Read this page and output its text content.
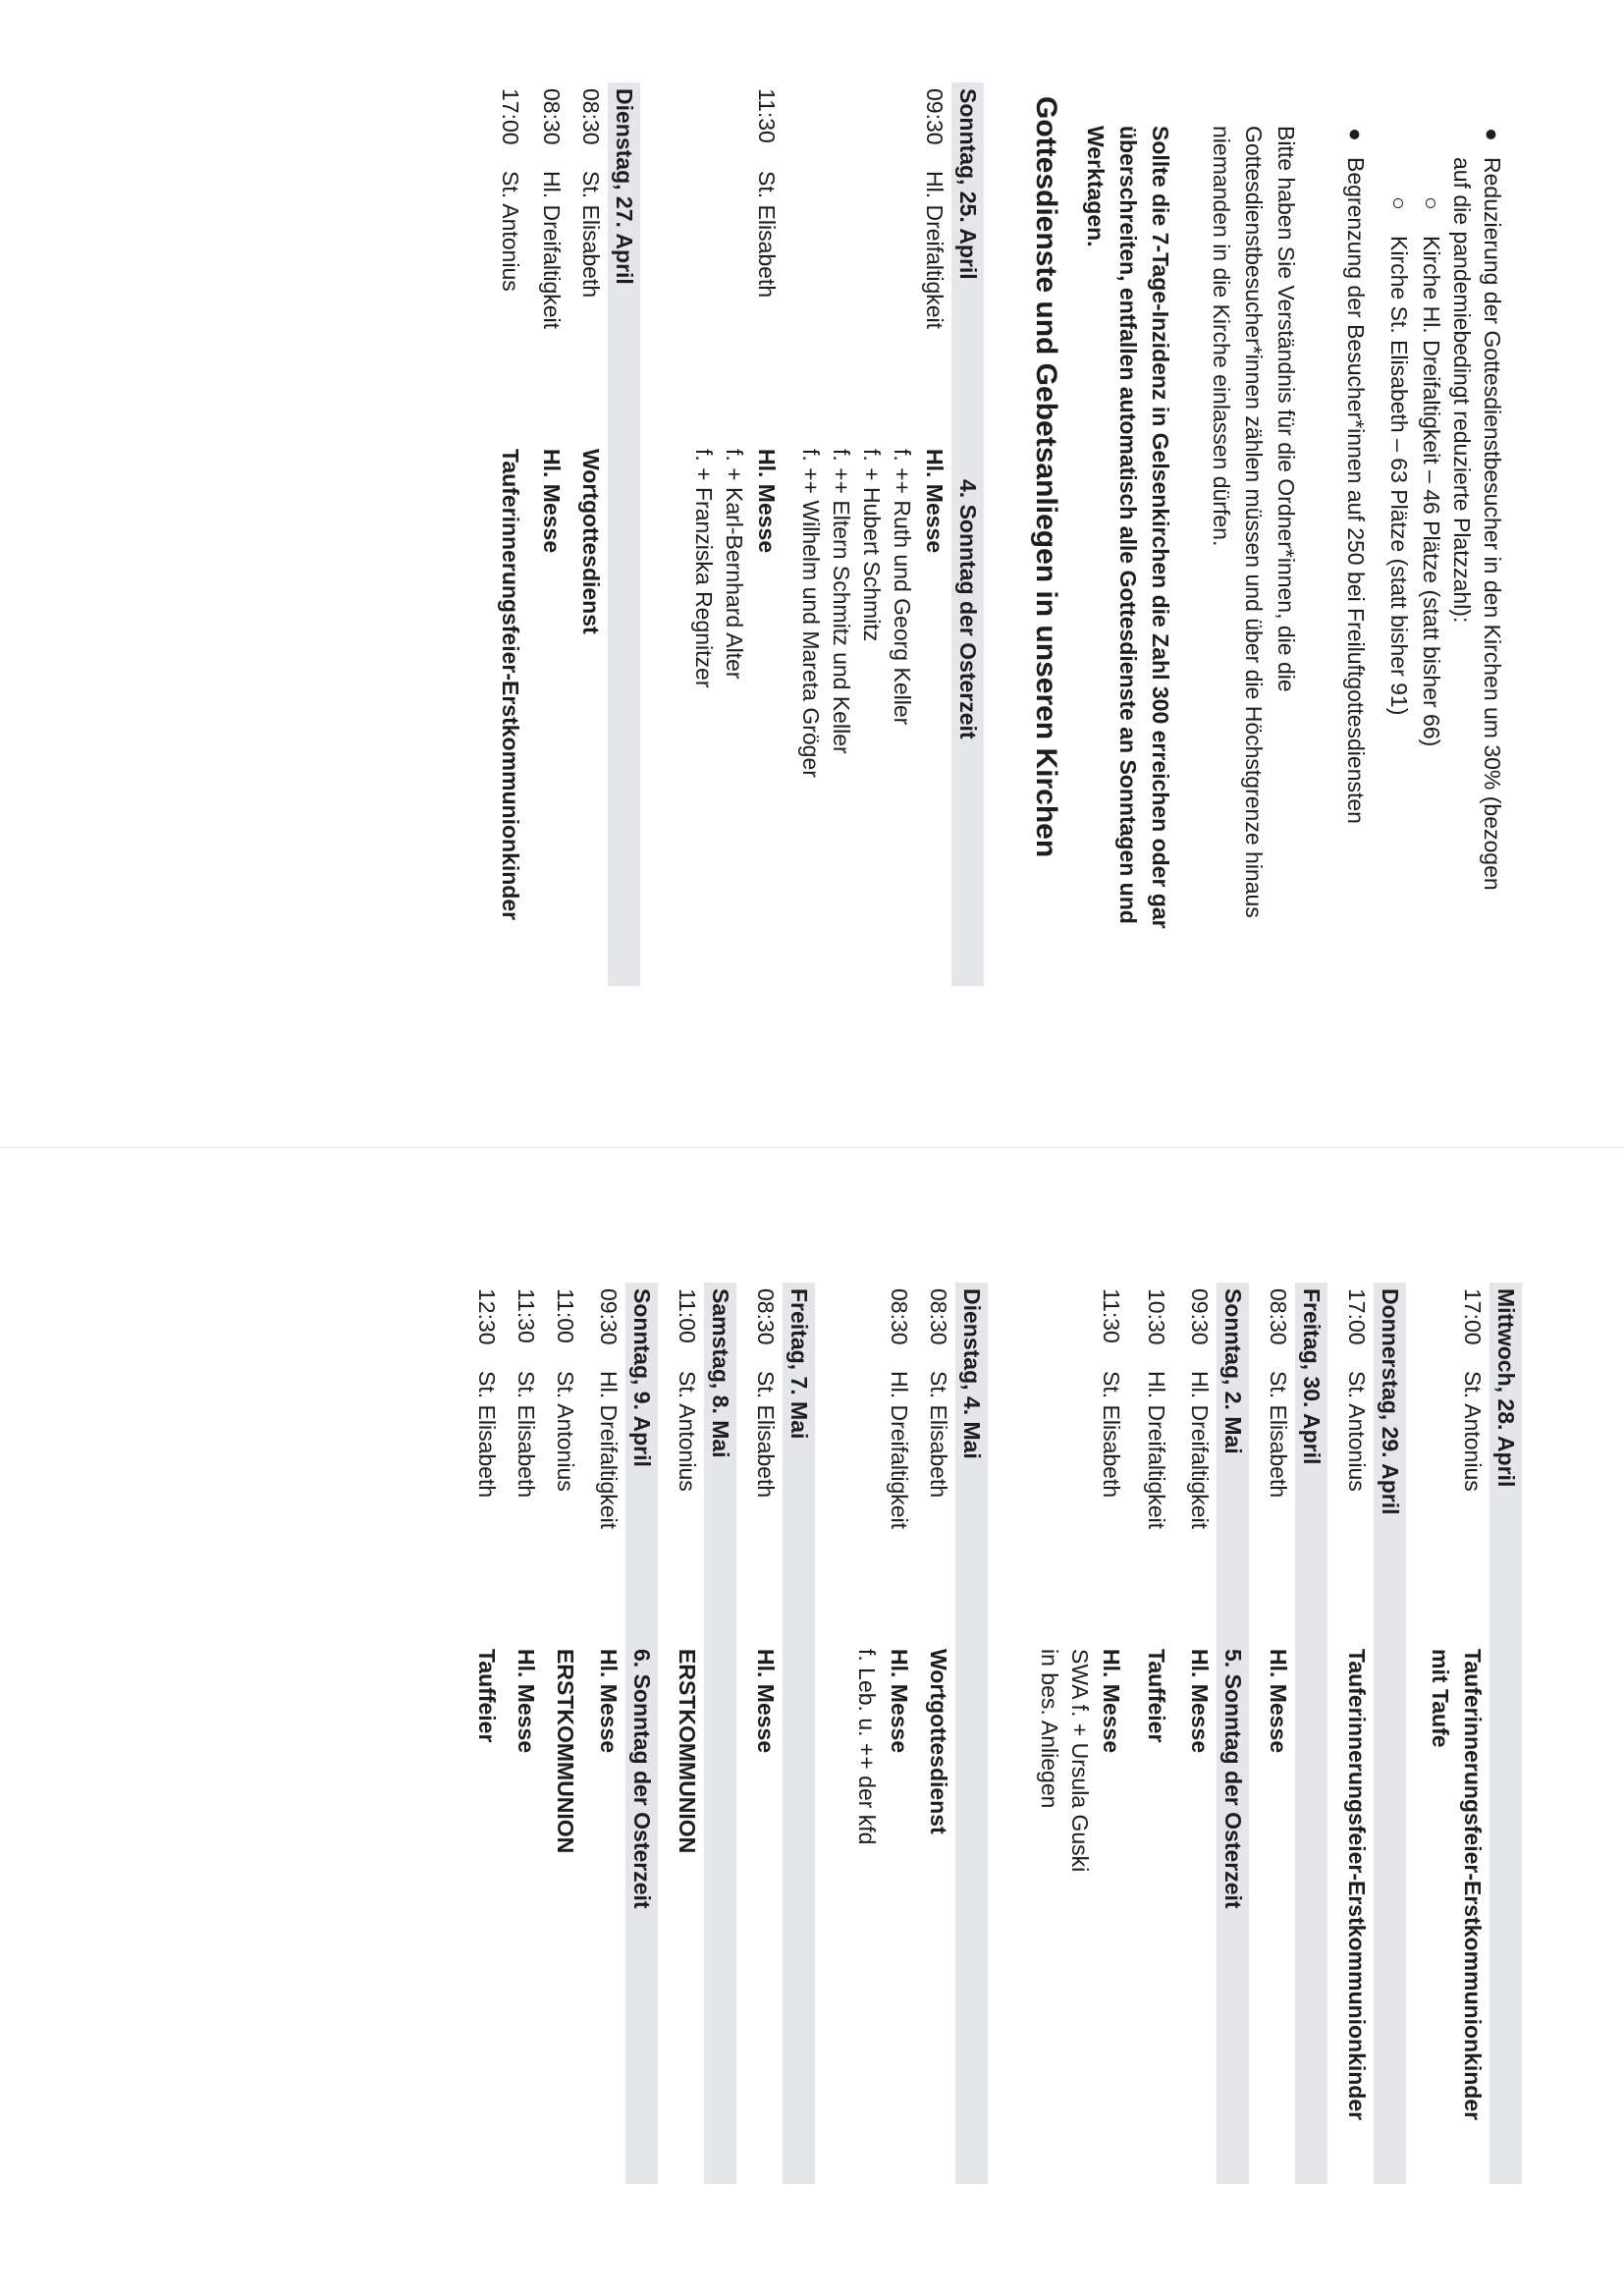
●
Reduzierung der Gottesdienstbesucher in den Kirchen um 30% (bezogen
auf die pandemiebedingt reduzierte Platzzahl):
○
Kirche Hl. Dreifaltigkeit – 46 Plätze (statt bisher 66)
○
Kirche St. Elisabeth – 63 Plätze (statt bisher 91)
●
Begrenzung der Besucher*innen auf 250 bei Freiluftgottesdiensten
Bitte haben Sie Verständnis für die Ordner*innen, die die
Gottesdienstbesucher*innen zählen müssen und über die Höchstgrenze hinaus
niemanden in die Kirche einlassen dürfen.
Sollte die 7-Tage-Inzidenz in Gelsenkirchen die Zahl 300 erreichen oder gar
überschreiten, entfallen automatisch alle Gottesdienste an Sonntagen und
Werktagen.
Gottesdienste und Gebetsanliegen in unseren Kirchen
Sonntag, 25. April
4. Sonntag der Osterzeit
09:30
Hl. Dreifaltigkeit
Hl. Messe
f. ++ Ruth und Georg Keller
f. + Hubert Schmitz
f. ++ Eltern Schmitz und Keller
f. ++ Wilhelm und Mareta Gröger
11:30
St. Elisabeth
Hl. Messe
f. + Karl-Bernhard Alter
f. + Franziska Regnitzer
Dienstag, 27. April
08:30
St. Elisabeth
Wortgottesdienst
08:30
Hl. Dreifaltigkeit
Hl. Messe
17:00
St. Antonius
Tauferinnerungsfeier-Erstkommunionkinder
Mittwoch, 28. April
17:00
St. Antonius
Tauferinnerungsfeier-Erstkommunionkinder
mit Taufe
Donnerstag, 29. April
17:00
St. Antonius
Tauferinnerungsfeier-Erstkommunionkinder
Freitag, 30. April
08:30
St. Elisabeth
Hl. Messe
Sonntag, 2. Mai
5. Sonntag der Osterzeit
09:30
Hl. Dreifaltigkeit
Hl. Messe
10:30
Hl. Dreifaltigkeit
Tauffeier
11:30
St. Elisabeth
Hl. Messe
SWA f. + Ursula Guski
in bes. Anliegen
Dienstag, 4. Mai
08:30
St. Elisabeth
Wortgottesdienst
08:30
Hl. Dreifaltigkeit
Hl. Messe
f. Leb. u. ++ der kfd
Freitag, 7. Mai
08:30
St. Elisabeth
Hl. Messe
Samstag, 8. Mai
11:00
St. Antonius
ERSTKOMMUNION
Sonntag, 9. April
6. Sonntag der Osterzeit
09:30
Hl. Dreifaltigkeit
Hl. Messe
11:00
St. Antonius
ERSTKOMMUNION
11:30
St. Elisabeth
Hl. Messe
12:30
St. Elisabeth
Tauffeier
